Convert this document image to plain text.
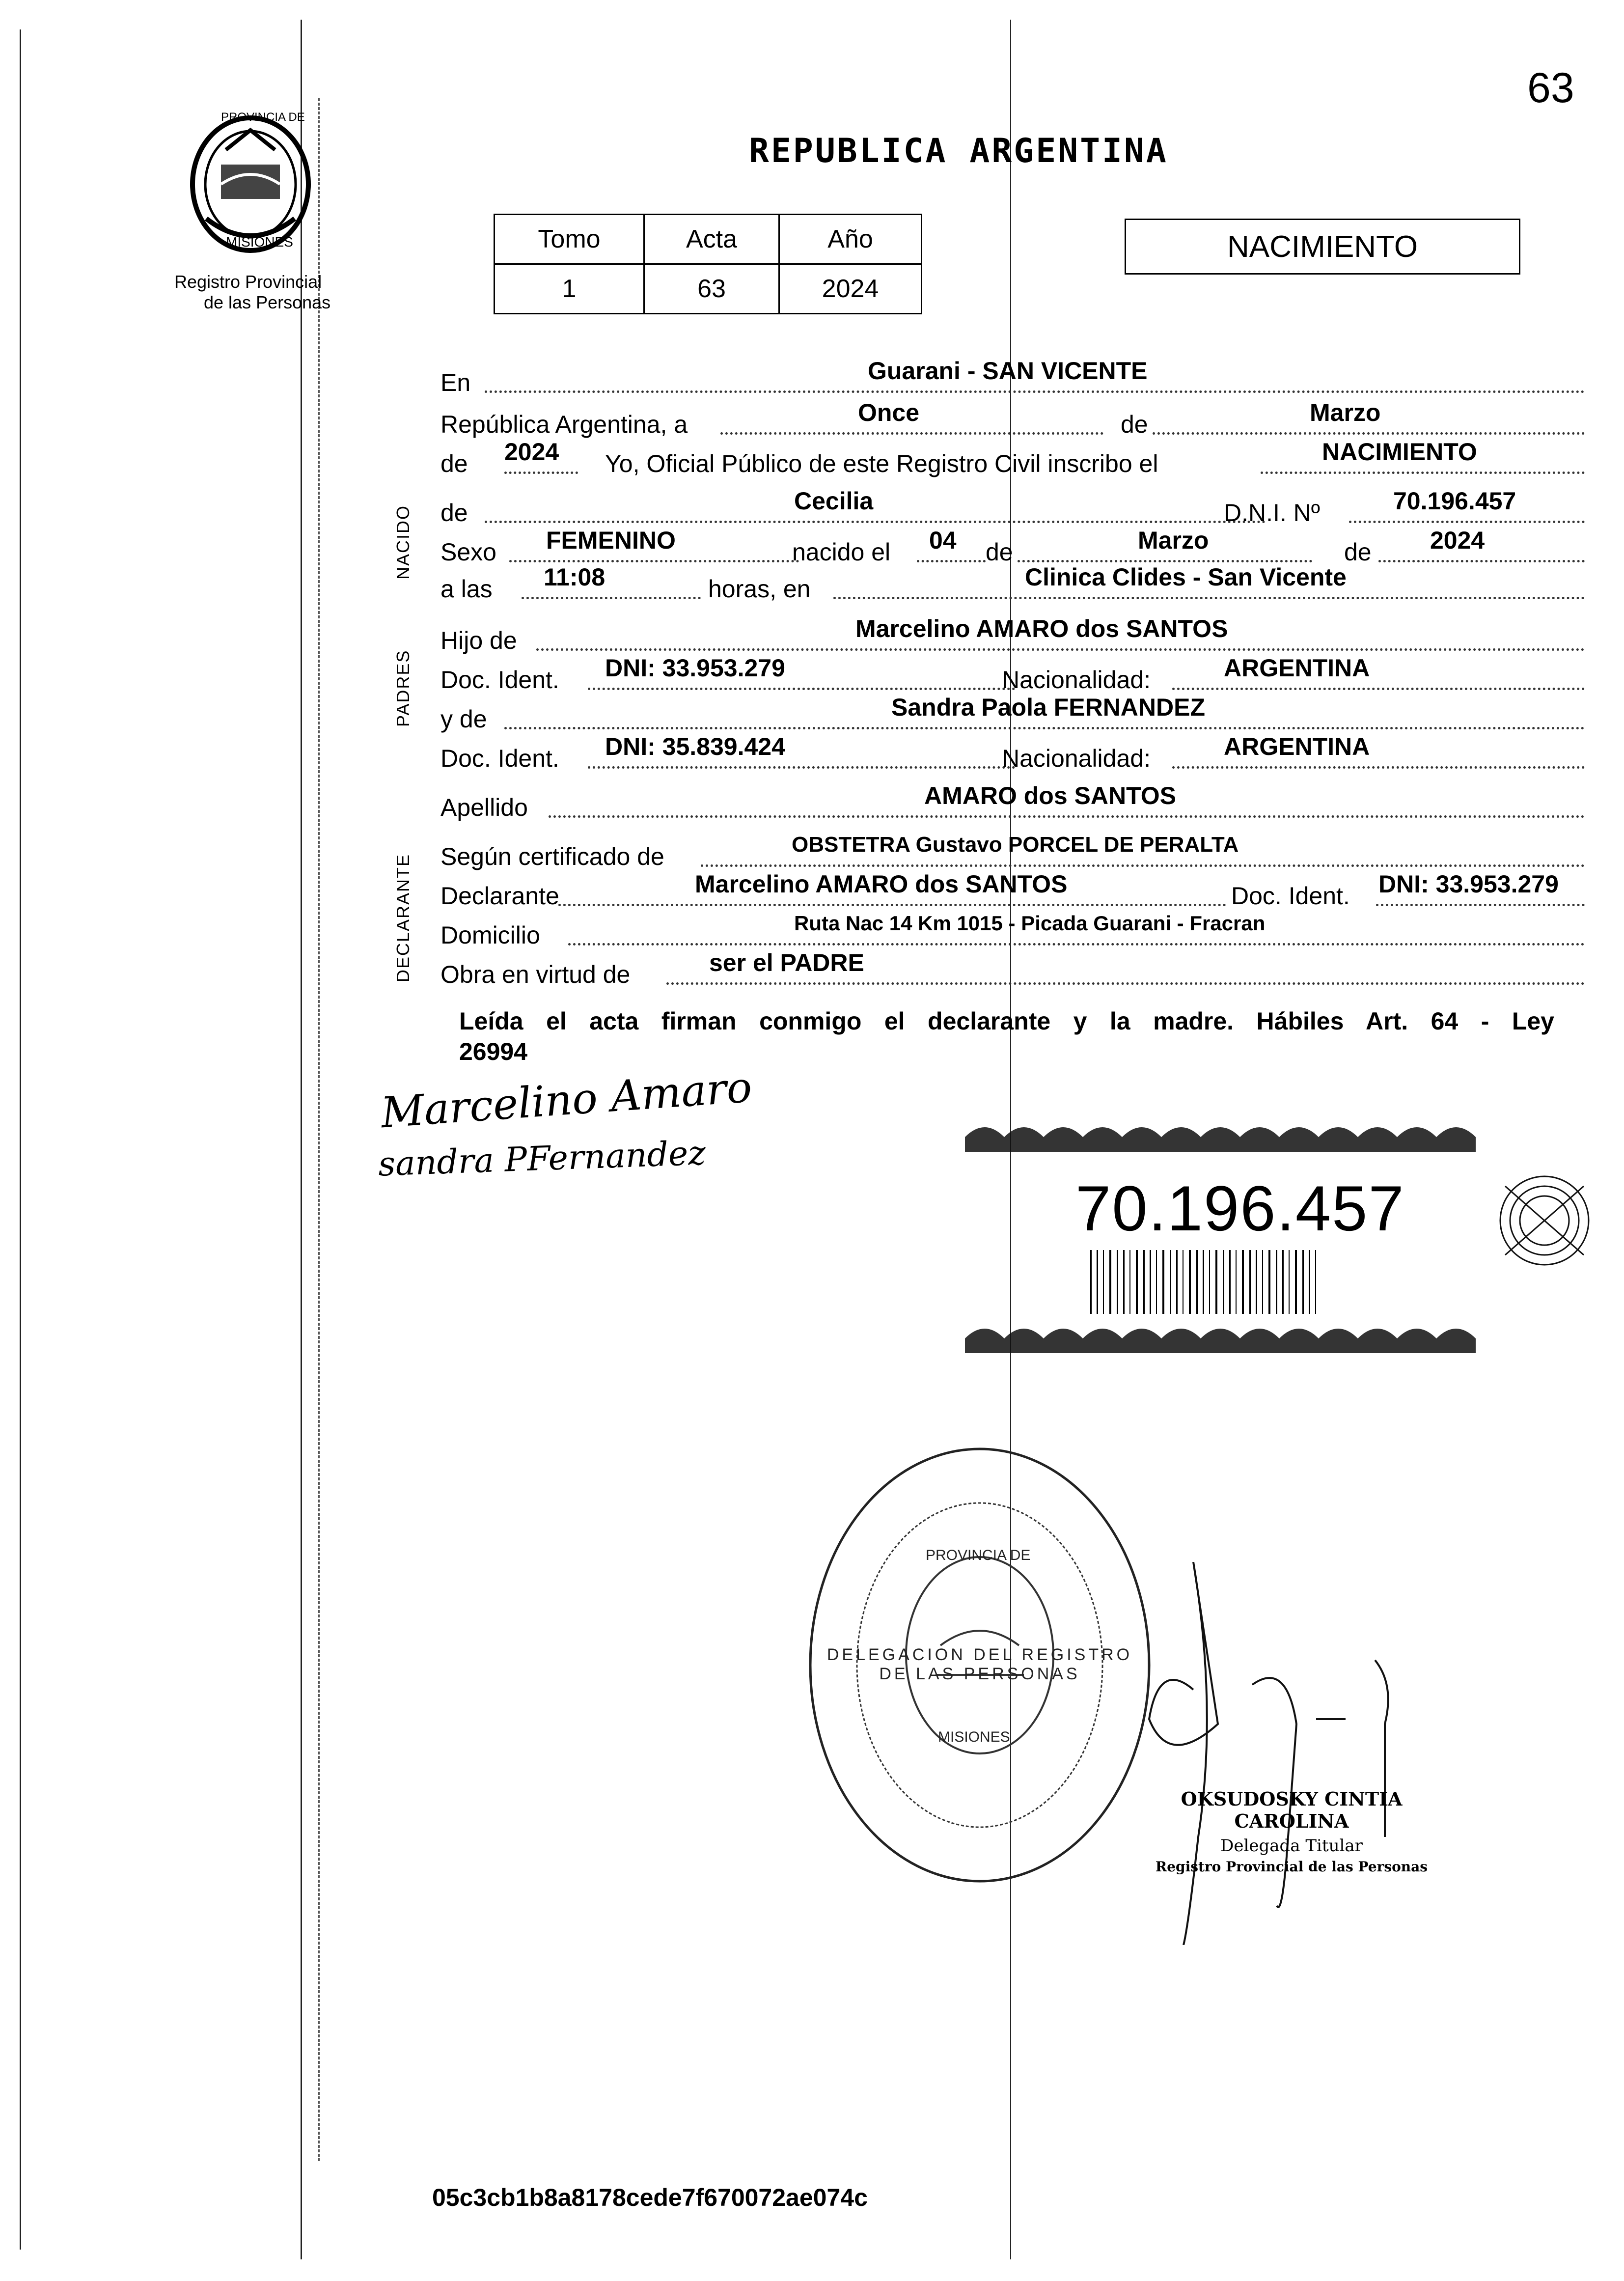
63
PROVINCIA DE
MISIONES
Registro Provincial
de las Personas
REPUBLICA ARGENTINA
Tomo	Acta	Año
1	63	2024
NACIMIENTO
NACIDO
PADRES
DECLARANTE
En	Guarani - SAN VICENTE
República Argentina, a	Once	de	Marzo
de 2024 Yo, Oficial Público de este Registro Civil inscribo el	NACIMIENTO
de	Cecilia	D.N.I. Nº	70.196.457
Sexo FEMENINO	nacido el 04 de	Marzo	de 2024
a las 11:08	horas, en	Clinica Clides - San Vicente
Hijo de	Marcelino AMARO dos SANTOS
Doc. Ident. DNI: 33.953.279	Nacionalidad:	ARGENTINA
y de	Sandra Paola FERNANDEZ
Doc. Ident. DNI: 35.839.424	Nacionalidad:	ARGENTINA
Apellido	AMARO dos SANTOS
Según certificado de	OBSTETRA Gustavo PORCEL DE PERALTA
Declarante	Marcelino AMARO dos SANTOS	Doc. Ident. DNI: 33.953.279
Domicilio	Ruta Nac 14 Km 1015 - Picada Guarani - Fracran
Obra en virtud de	ser el PADRE
Leída el acta firman conmigo el declarante y la madre. Hábiles Art. 64 - Ley
26994
Marcelino Amaro
sandra PFernandez
70.196.457
DELEGACION DEL REGISTRO DE LAS PERSONAS
PROVINCIA DE
MISIONES
OKSUDOSKY CINTIA CAROLINA
Delegada Titular
Registro Provincial de las Personas
05c3cb1b8a8178cede7f670072ae074c
